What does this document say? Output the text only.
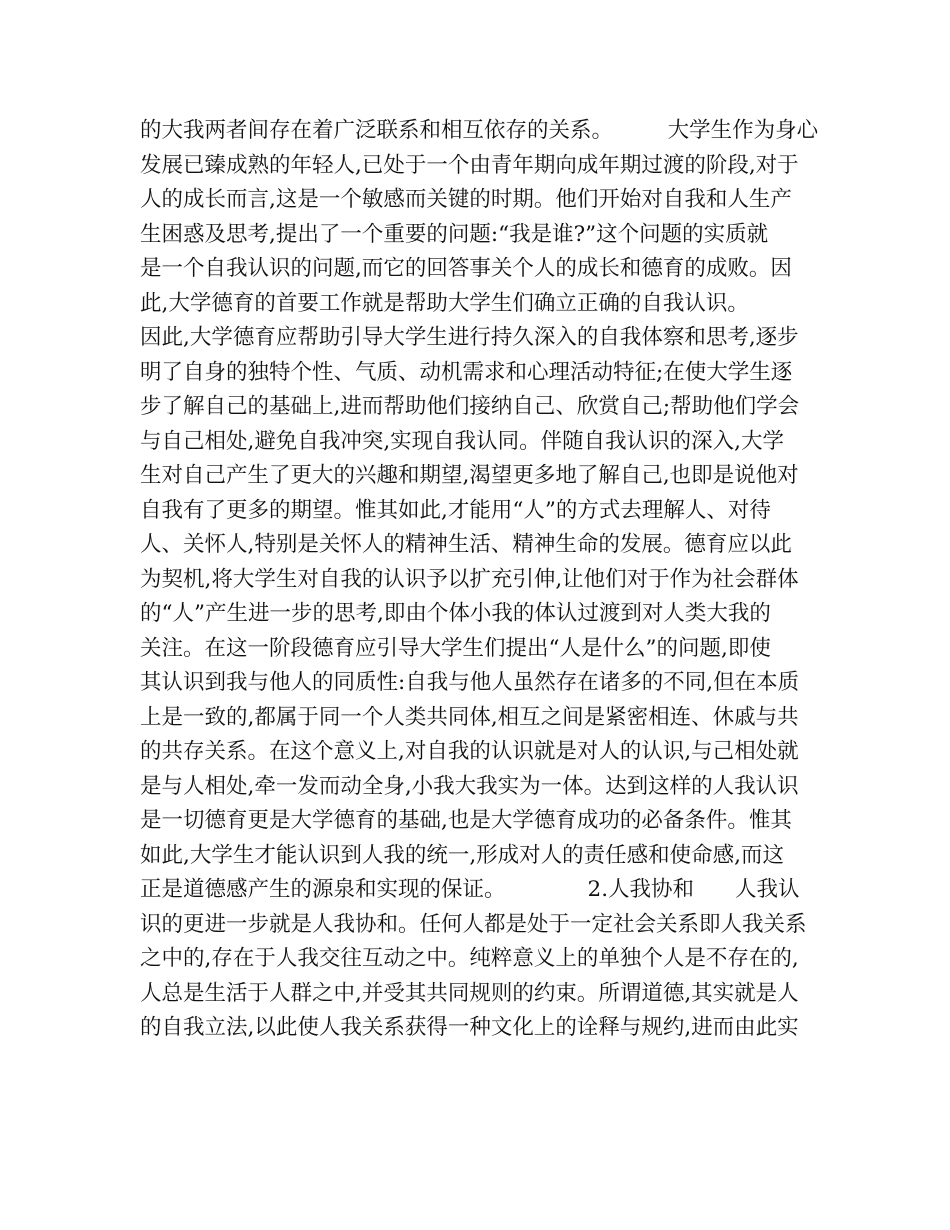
的大我两者间存在着广泛联系和相互依存的关系。        大学生作为身心
发展已臻成熟的年轻人,已处于一个由青年期向成年期过渡的阶段,对于
人的成长而言,这是一个敏感而关键的时期。他们开始对自我和人生产
生困惑及思考,提出了一个重要的问题:“我是谁?”这个问题的实质就
是一个自我认识的问题,而它的回答事关个人的成长和德育的成败。因
此,大学德育的首要工作就是帮助大学生们确立正确的自我认识。
因此,大学德育应帮助引导大学生进行持久深入的自我体察和思考,逐步
明了自身的独特个性、气质、动机需求和心理活动特征;在使大学生逐
步了解自己的基础上,进而帮助他们接纳自己、欣赏自己;帮助他们学会
与自己相处,避免自我冲突,实现自我认同。伴随自我认识的深入,大学
生对自己产生了更大的兴趣和期望,渴望更多地了解自己,也即是说他对
自我有了更多的期望。惟其如此,才能用“人”的方式去理解人、对待
人、关怀人,特别是关怀人的精神生活、精神生命的发展。德育应以此
为契机,将大学生对自我的认识予以扩充引伸,让他们对于作为社会群体
的“人”产生进一步的思考,即由个体小我的体认过渡到对人类大我的
关注。在这一阶段德育应引导大学生们提出“人是什么”的问题,即使
其认识到我与他人的同质性:自我与他人虽然存在诸多的不同,但在本质
上是一致的,都属于同一个人类共同体,相互之间是紧密相连、休戚与共
的共存关系。在这个意义上,对自我的认识就是对人的认识,与己相处就
是与人相处,牵一发而动全身,小我大我实为一体。达到这样的人我认识
是一切德育更是大学德育的基础,也是大学德育成功的必备条件。惟其
如此,大学生才能认识到人我的统一,形成对人的责任感和使命感,而这
正是道德感产生的源泉和实现的保证。            2.人我协和      人我认
识的更进一步就是人我协和。任何人都是处于一定社会关系即人我关系
之中的,存在于人我交往互动之中。纯粹意义上的单独个人是不存在的,
人总是生活于人群之中,并受其共同规则的约束。所谓道德,其实就是人
的自我立法,以此使人我关系获得一种文化上的诠释与规约,进而由此实
